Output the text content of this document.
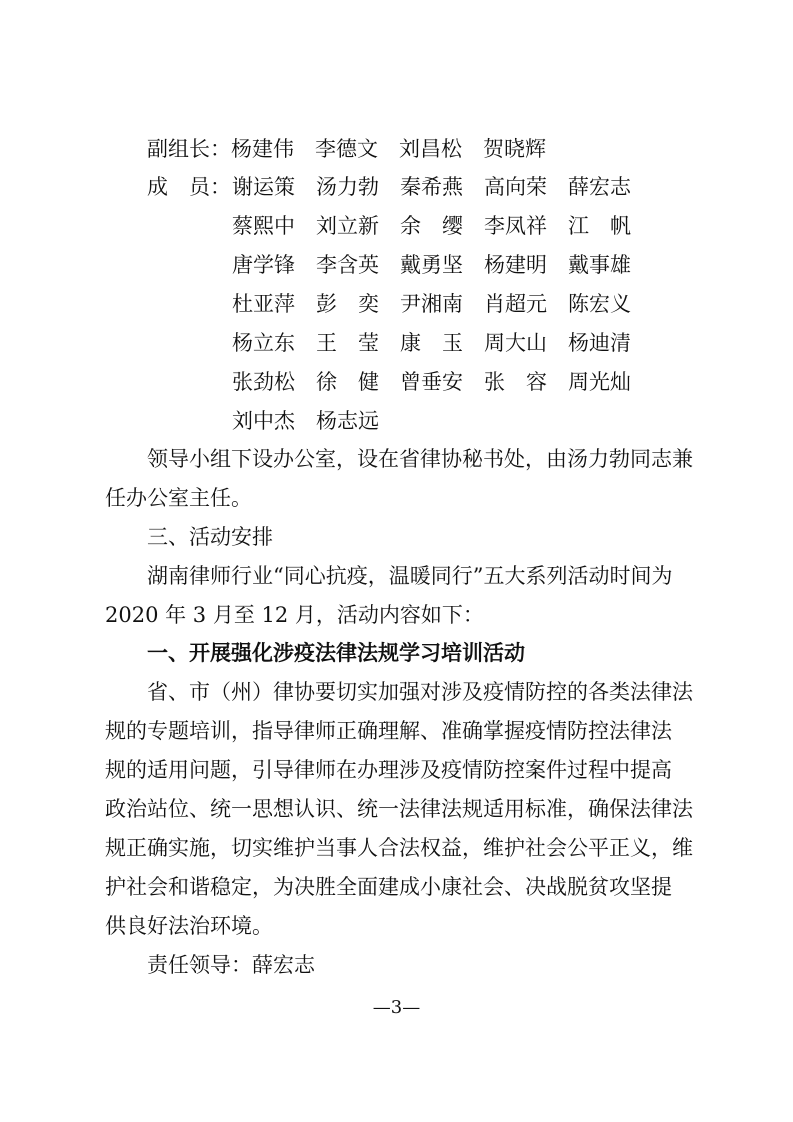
副组长：杨建伟　李德文　刘昌松　贺晓辉
成　员： 谢运策　汤力勃　秦希燕　高向荣　薛宏志
蔡熙中　刘立新　余　缨　李凤祥　江　帆
唐学锋　李含英　戴勇坚　杨建明　戴事雄
杜亚萍　彭　奕　尹湘南　肖超元　陈宏义
杨立东　王　莹　康　玉　周大山　杨迪清
张劲松　徐　健　曾垂安　张　容　周光灿
刘中杰　杨志远
领导小组下设办公室，设在省律协秘书处，由汤力勃同志兼
任办公室主任。
三、活动安排
湖南律师行业“同心抗疫，温暖同行”五大系列活动时间为
2020 年 3 月至 12 月，活动内容如下：
一、开展强化涉疫法律法规学习培训活动
省、市（州）律协要切实加强对涉及疫情防控的各类法律法
规的专题培训，指导律师正确理解、准确掌握疫情防控法律法
规的适用问题，引导律师在办理涉及疫情防控案件过程中提高
政治站位、统一思想认识、统一法律法规适用标准，确保法律法
规正确实施，切实维护当事人合法权益，维护社会公平正义，维
护社会和谐稳定，为决胜全面建成小康社会、决战脱贫攻坚提
供良好法治环境。
责任领导：薛宏志
—3—
